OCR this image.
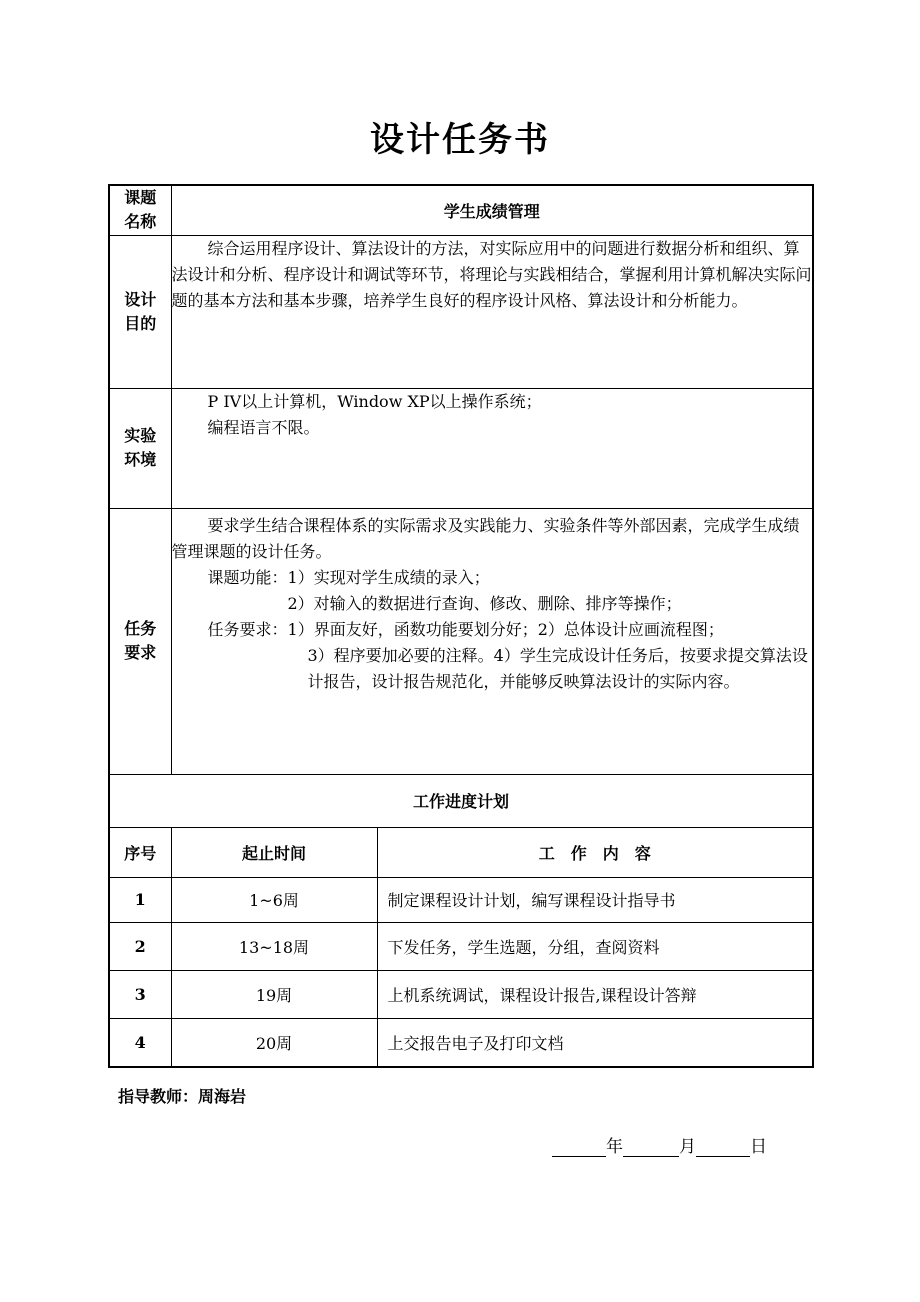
设计任务书
课题名称	学生成绩管理	
设计目的	综合运用程序设计、算法设计的方法，对实际应用中的问题进行数据分析和组织、算法设计和分析、程序设计和调试等环节，将理论与实践相结合，掌握利用计算机解决实际问题的基本方法和基本步骤，培养学生良好的程序设计风格、算法设计和分析能力。	

实验环境	P IV以上计算机，Window XP以上操作系统；
编程语言不限。	

任务要求	要求学生结合课程体系的实际需求及实践能力、实验条件等外部因素，完成学生成绩管理课题的设计任务。
课题功能：1）实现对学生成绩的录入；
2）对输入的数据进行查询、修改、删除、排序等操作；
任务要求：1）界面友好，函数功能要划分好；2）总体设计应画流程图；
3）程序要加必要的注释。4）学生完成设计任务后，按要求提交算法设计报告，设计报告规范化，并能够反映算法设计的实际内容。	

工作进度计划		
序号	起止时间	工　作　内　容
1	1~6周	制定课程设计计划，编写课程设计指导书
2	13~18周	下发任务，学生选题，分组，查阅资料
3	19周	上机系统调试，课程设计报告,课程设计答辩
4	20周	上交报告电子及打印文档
指导教师：周海岩
年	月	日
